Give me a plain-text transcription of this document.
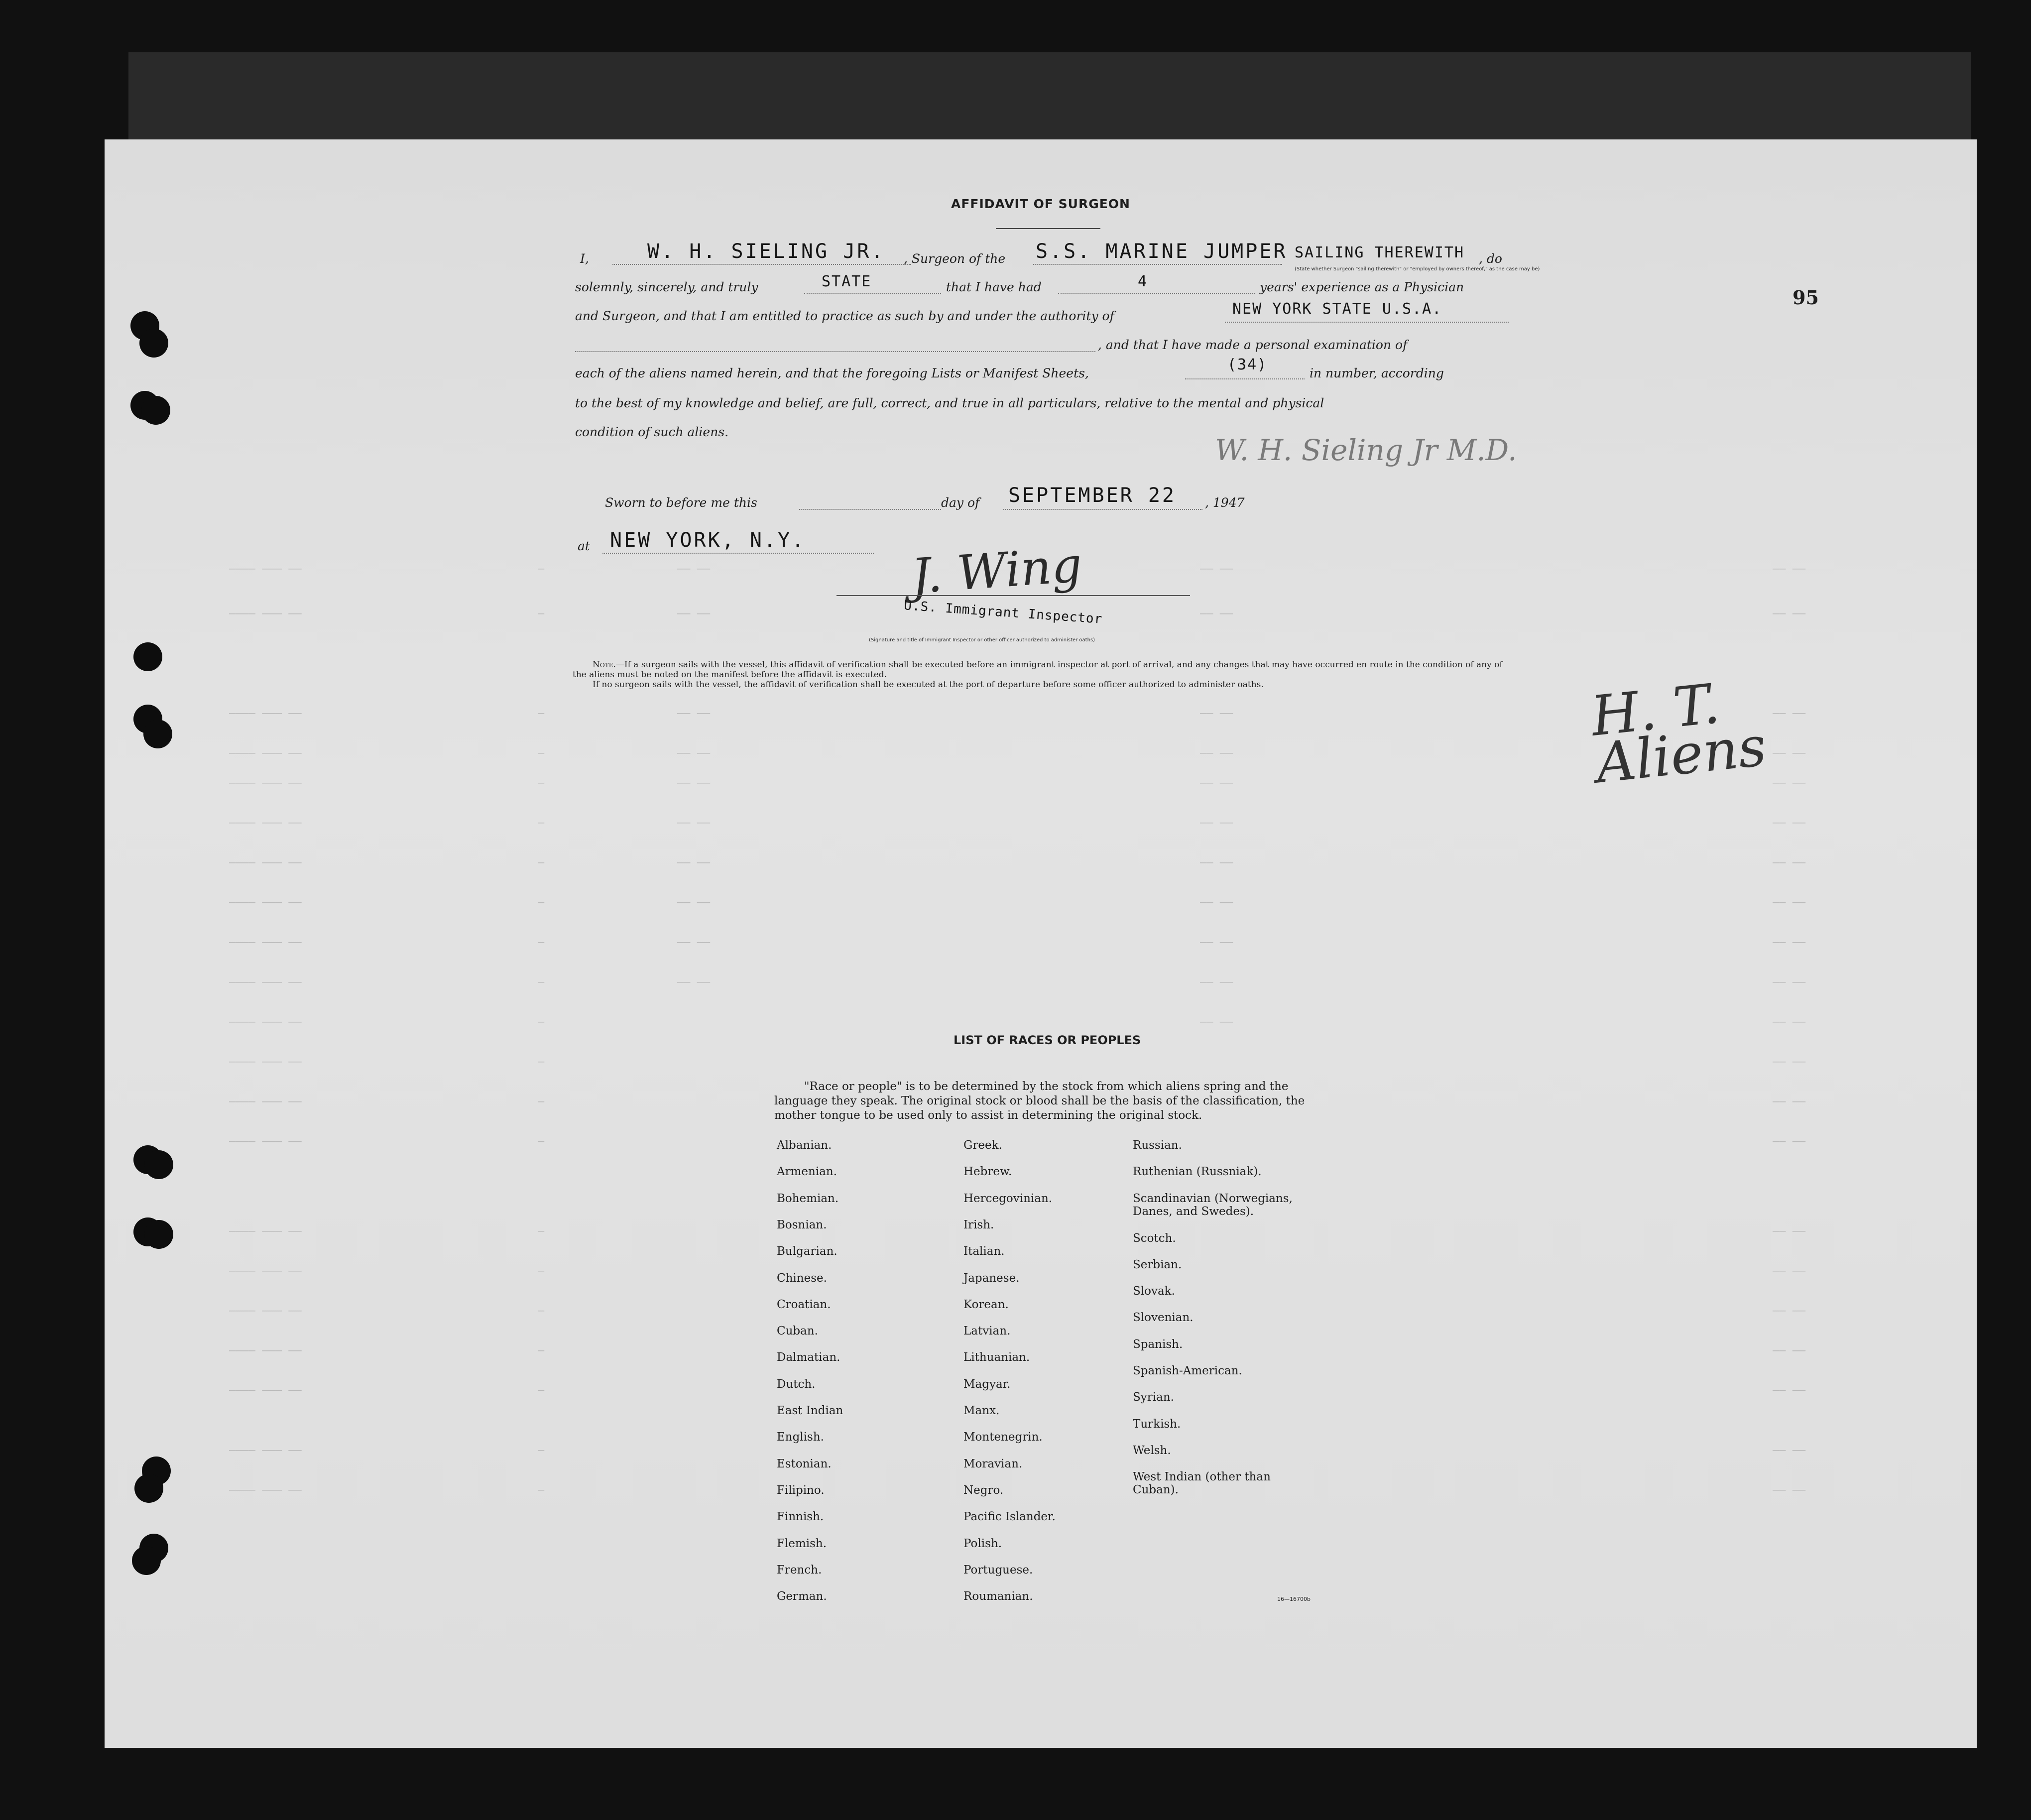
———— ——— ——	—	—— ——	—— ——	—— ——
———— ——— ——	—	—— ——	—— ——	—— ——
———— ——— ——	—	—— ——	—— ——	—— ——
———— ——— ——	—	—— ——	—— ——	—— ——
———— ——— ——	—	—— ——	—— ——	—— ——
———— ——— ——	—	—— ——	—— ——	—— ——
———— ——— ——	—	—— ——	—— ——	—— ——
———— ——— ——	—	—— ——	—— ——	—— ——
———— ——— ——	—	—— ——	—— ——	—— ——
———— ——— ——	—	—— ——	—— ——	—— ——
———— ——— ——	—	—— ——	—— ——
———— ——— ——	—	—— ——
———— ——— ——	—	—— ——
———— ——— ——	—	—— ——
———— ——— ——	—	—— ——
———— ——— ——	—	—— ——
———— ——— ——	—	—— ——
———— ——— ——	—	—— ——
———— ——— ——	—	—— ——
———— ——— ——	—	—— ——
———— ——— ——	—	—— ——
95
AFFIDAVIT OF SURGEON
I,	W. H. SIELING JR. , Surgeon of the S.S. MARINE JUMPER SAILING THEREWITH , do
(State whether Surgeon "sailing therewith" or "employed by owners thereof," as the case may be)
solemnly, sincerely, and truly	STATE	that I have had	4	years' experience as a Physician
and Surgeon, and that I am entitled to practice as such by and under the authority of	NEW YORK STATE U.S.A.
, and that I have made a personal examination of
each of the aliens named herein, and that the foregoing Lists or Manifest Sheets,	(34)	in number, according
to the best of my knowledge and belief, are full, correct, and true in all particulars, relative to the mental and physical
condition of such aliens.
W. H. Sieling Jr M.D.
Sworn to before me this	day of SEPTEMBER 22 , 1947
at NEW YORK, N.Y. J. Wing
U.S. Immigrant Inspector
(Signature and title of Immigrant Inspector or other officer authorized to administer oaths)

Note.—If a surgeon sails with the vessel, this affidavit of verification shall be executed before an immigrant inspector at port of arrival, and any changes that may have occurred en route in the condition of any of the aliens must be noted on the manifest before the affidavit is executed.

If no surgeon sails with the vessel, the affidavit of verification shall be executed at the port of departure before some officer authorized to administer oaths.	H. T. Aliens
LIST OF RACES OR PEOPLES

"Race or people" is to be determined by the stock from which aliens spring and the language they speak. The original stock or blood shall be the basis of the classification, the mother tongue to be used only to assist in determining the original stock.

Albanian.
Armenian.
Bohemian.
Bosnian.
Bulgarian.
Chinese.
Croatian.
Cuban.
Dalmatian.
Dutch.
East Indian
English.
Estonian.
Filipino.
Finnish.
Flemish.
French.
German.
Greek.
Hebrew.
Hercegovinian.
Irish.
Italian.
Japanese.
Korean.
Latvian.
Lithuanian.
Magyar.
Manx.
Montenegrin.
Moravian.
Negro.
Pacific Islander.
Polish.
Portuguese.
Roumanian.
Russian.
Ruthenian (Russniak).
Scandinavian (Norwegians,
Danes, and Swedes).
Scotch.
Serbian.
Slovak.
Slovenian.
Spanish.
Spanish-American.
Syrian.
Turkish.
Welsh.
West Indian (other than
Cuban).
16—16700b
